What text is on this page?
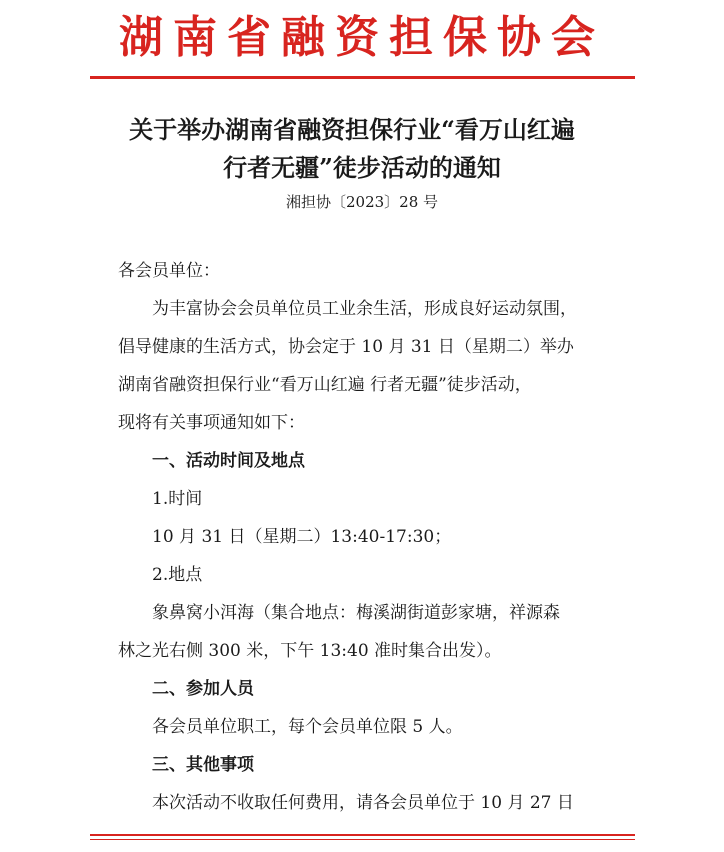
湖南省融资担保协会
关于举办湖南省融资担保行业“看万山红遍
行者无疆”徒步活动的通知
湘担协〔2023〕28 号
各会员单位：
为丰富协会会员单位员工业余生活，形成良好运动氛围，
倡导健康的生活方式，协会定于 10 月 31 日（星期二）举办
湖南省融资担保行业“看万山红遍 行者无疆”徒步活动，
现将有关事项通知如下：
一、活动时间及地点
1.时间
10 月 31 日（星期二）13:40-17:30；
2.地点
象鼻窝小洱海（集合地点：梅溪湖街道彭家塘，祥源森
林之光右侧 300 米，下午 13:40 准时集合出发）。
二、参加人员
各会员单位职工，每个会员单位限 5 人。
三、其他事项
本次活动不收取任何费用，请各会员单位于 10 月 27 日
